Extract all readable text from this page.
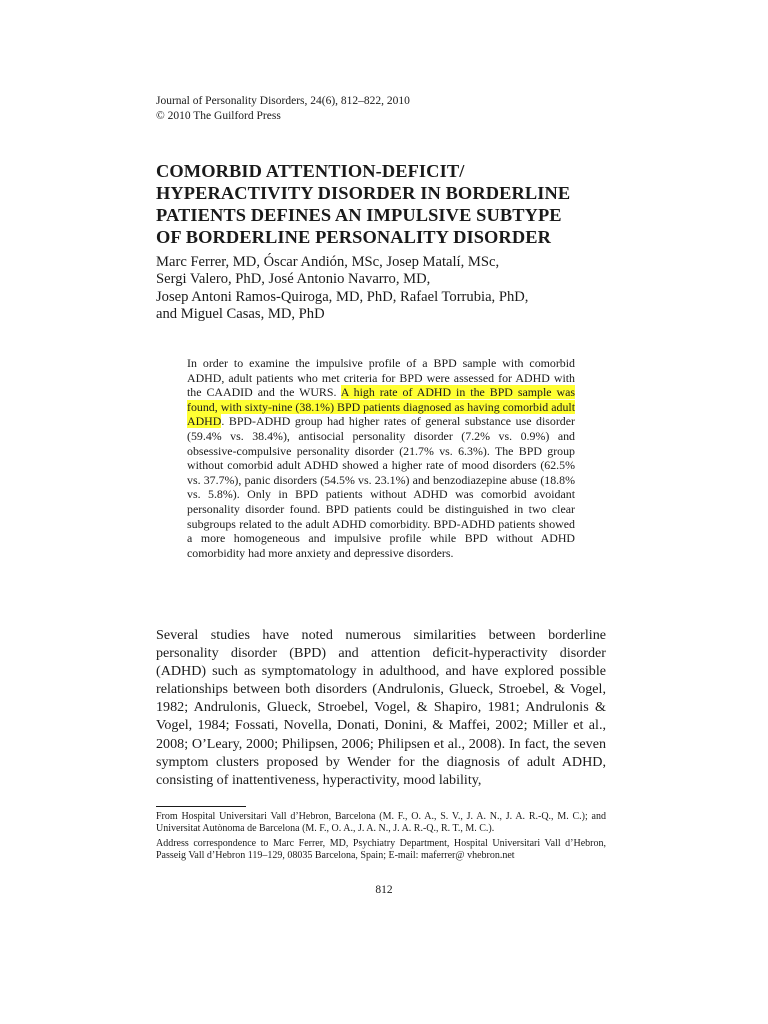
Journal of Personality Disorders, 24(6), 812–822, 2010
© 2010 The Guilford Press
COMORBID ATTENTION-DEFICIT/
HYPERACTIVITY DISORDER IN BORDERLINE
PATIENTS DEFINES AN IMPULSIVE SUBTYPE
OF BORDERLINE PERSONALITY DISORDER
Marc Ferrer, MD, Óscar Andión, MSc, Josep Matalí, MSc,
Sergi Valero, PhD, José Antonio Navarro, MD,
Josep Antoni Ramos-Quiroga, MD, PhD, Rafael Torrubia, PhD,
and Miguel Casas, MD, PhD
In order to examine the impulsive profile of a BPD sample with comorbid ADHD, adult patients who met criteria for BPD were assessed for ADHD with the CAADID and the WURS. A high rate of ADHD in the BPD sample was found, with sixty-nine (38.1%) BPD patients diagnosed as having comorbid adult ADHD. BPD-ADHD group had higher rates of general substance use disorder (59.4% vs. 38.4%), antisocial personality disorder (7.2% vs. 0.9%) and obsessive-compulsive personality disorder (21.7% vs. 6.3%). The BPD group without comorbid adult ADHD showed a higher rate of mood disorders (62.5% vs. 37.7%), panic disorders (54.5% vs. 23.1%) and benzodiazepine abuse (18.8% vs. 5.8%). Only in BPD patients without ADHD was comorbid avoidant personality disorder found. BPD patients could be distinguished in two clear subgroups related to the adult ADHD comorbidity. BPD-ADHD patients showed a more homogeneous and impulsive profile while BPD without ADHD comorbidity had more anxiety and depressive disorders.
Several studies have noted numerous similarities between borderline personality disorder (BPD) and attention deficit-hyperactivity disorder (ADHD) such as symptomatology in adulthood, and have explored possible relationships between both disorders (Andrulonis, Glueck, Stroebel, & Vogel, 1982; Andrulonis, Glueck, Stroebel, Vogel, & Shapiro, 1981; Andrulonis & Vogel, 1984; Fossati, Novella, Donati, Donini, & Maffei, 2002; Miller et al., 2008; O’Leary, 2000; Philipsen, 2006; Philipsen et al., 2008). In fact, the seven symptom clusters proposed by Wender for the diagnosis of adult ADHD, consisting of inattentiveness, hyperactivity, mood lability,
From Hospital Universitari Vall d’Hebron, Barcelona (M. F., O. A., S. V., J. A. N., J. A. R.-Q., M. C.); and Universitat Autònoma de Barcelona (M. F., O. A., J. A. N., J. A. R.-Q., R. T., M. C.).
Address correspondence to Marc Ferrer, MD, Psychiatry Department, Hospital Universitari Vall d’Hebron, Passeig Vall d’Hebron 119–129, 08035 Barcelona, Spain; E-mail: maferrer@ vhebron.net
812
